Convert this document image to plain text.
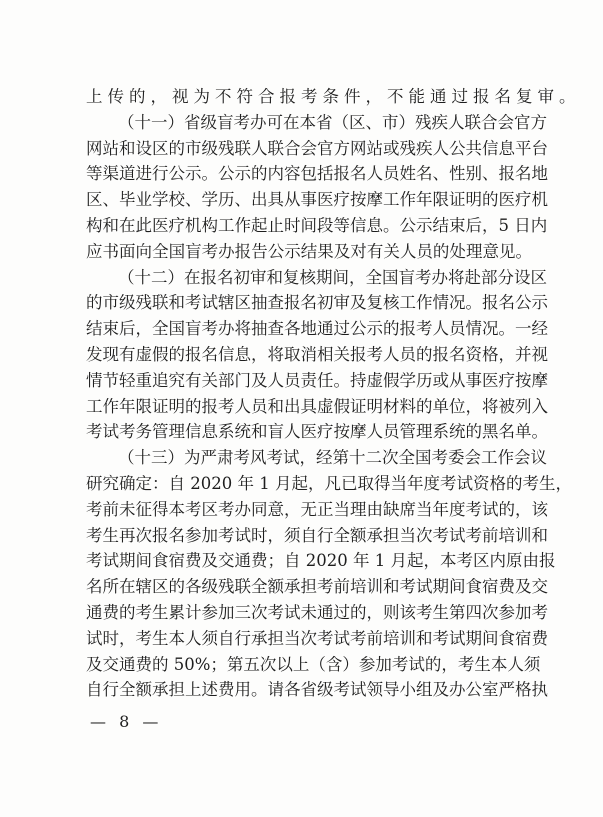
— 8 —
上传的，视为不符合报考条件，不能通过报名复审。
（十一）省级盲考办可在本省（区、市）残疾人联合会官方
网站和设区的市级残联人联合会官方网站或残疾人公共信息平台
等渠道进行公示。公示的内容包括报名人员姓名、性别、报名地
区、毕业学校、学历、出具从事医疗按摩工作年限证明的医疗机
构和在此医疗机构工作起止时间段等信息。公示结束后，5 日内
应书面向全国盲考办报告公示结果及对有关人员的处理意见。
（十二）在报名初审和复核期间，全国盲考办将赴部分设区
的市级残联和考试辖区抽查报名初审及复核工作情况。报名公示
结束后，全国盲考办将抽查各地通过公示的报考人员情况。一经
发现有虚假的报名信息，将取消相关报考人员的报名资格，并视
情节轻重追究有关部门及人员责任。持虚假学历或从事医疗按摩
工作年限证明的报考人员和出具虚假证明材料的单位，将被列入
考试考务管理信息系统和盲人医疗按摩人员管理系统的黑名单。
（十三）为严肃考风考试，经第十二次全国考委会工作会议
研究确定：自 2020 年 1 月起，凡已取得当年度考试资格的考生，
考前未征得本考区考办同意，无正当理由缺席当年度考试的，该
考生再次报名参加考试时，须自行全额承担当次考试考前培训和
考试期间食宿费及交通费；自 2020 年 1 月起，本考区内原由报
名所在辖区的各级残联全额承担考前培训和考试期间食宿费及交
通费的考生累计参加三次考试未通过的，则该考生第四次参加考
试时，考生本人须自行承担当次考试考前培训和考试期间食宿费
及交通费的 50%；第五次以上（含）参加考试的，考生本人须
自行全额承担上述费用。请各省级考试领导小组及办公室严格执
